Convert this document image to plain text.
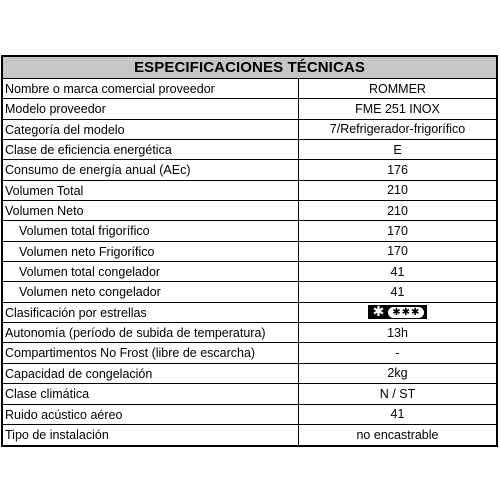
ESPECIFICACIONES TÉCNICAS
Nombre o marca comercial proveedor	ROMMER
Modelo proveedor	FME 251 INOX
Categoría del modelo	7/Refrigerador-frigorífico
Clase de eficiencia energética	E
Consumo de energía anual (AEc)	176
Volumen Total	210
Volumen Neto	210
Volumen total frigorífico	170
Volumen neto Frigorífico	170
Volumen total congelador	41
Volumen neto congelador	41
Clasificación por estrellas	✱ ✱✱✱
Autonomía (período de subida de temperatura)	13h
Compartimentos No Frost (libre de escarcha)	-
Capacidad de congelación	2kg
Clase climática	N / ST
Ruido acústico aéreo	41
Tipo de instalación	no encastrable
